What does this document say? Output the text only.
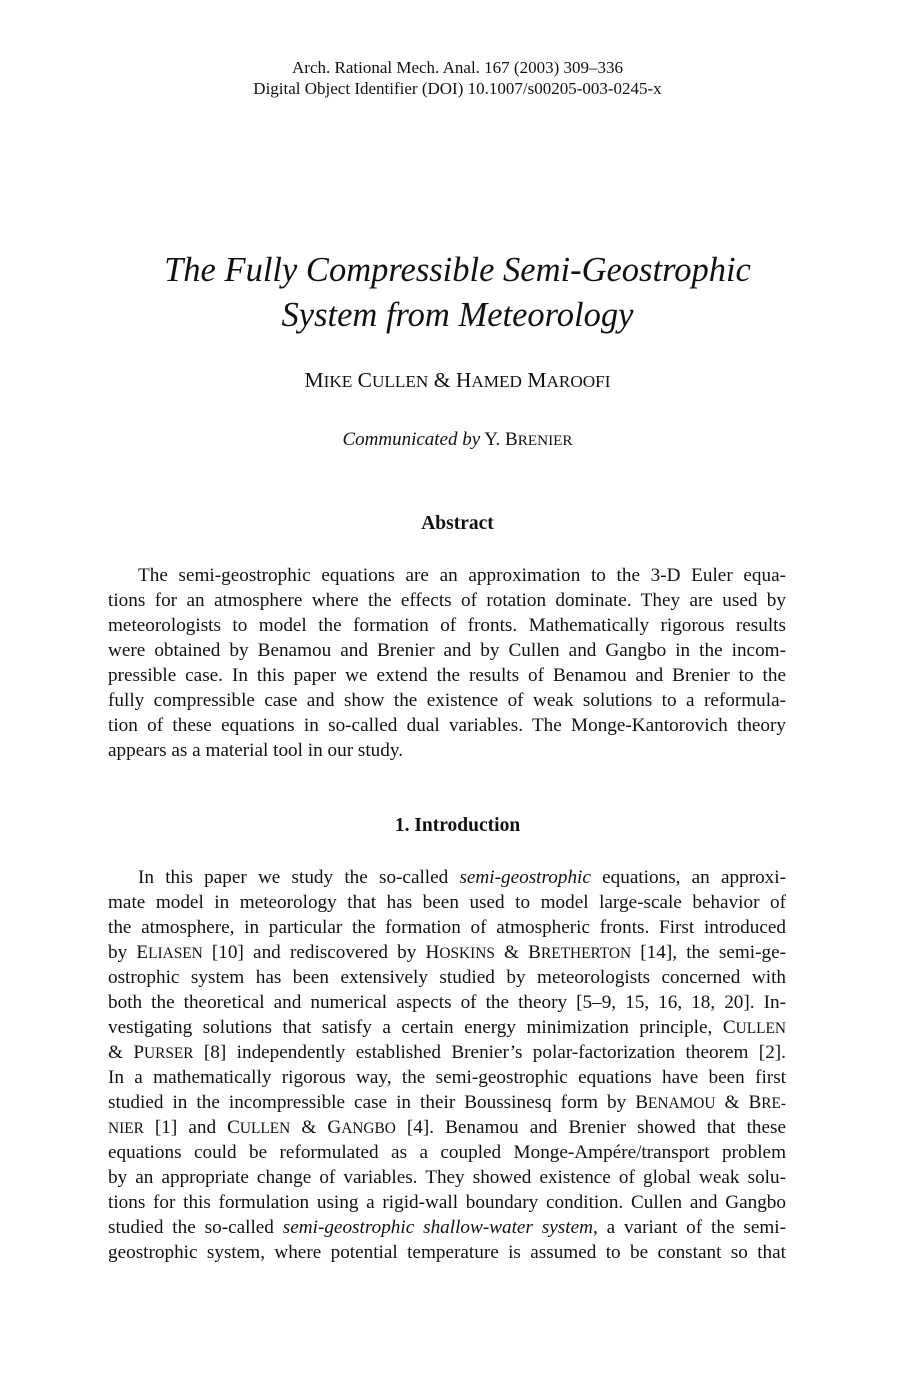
Arch. Rational Mech. Anal. 167 (2003) 309–336
Digital Object Identifier (DOI) 10.1007/s00205-003-0245-x
The Fully Compressible Semi-Geostrophic
System from Meteorology
MIKE CULLEN & HAMED MAROOFI
Communicated by Y. BRENIER
Abstract
The semi-geostrophic equations are an approximation to the 3-D Euler equa-
tions for an atmosphere where the effects of rotation dominate. They are used by
meteorologists to model the formation of fronts. Mathematically rigorous results
were obtained by Benamou and Brenier and by Cullen and Gangbo in the incom-
pressible case. In this paper we extend the results of Benamou and Brenier to the
fully compressible case and show the existence of weak solutions to a reformula-
tion of these equations in so-called dual variables. The Monge-Kantorovich theory
appears as a material tool in our study.
1. Introduction
In this paper we study the so-called semi-geostrophic equations, an approxi-
mate model in meteorology that has been used to model large-scale behavior of
the atmosphere, in particular the formation of atmospheric fronts. First introduced
by ELIASEN [10] and rediscovered by HOSKINS & BRETHERTON [14], the semi-ge-
ostrophic system has been extensively studied by meteorologists concerned with
both the theoretical and numerical aspects of the theory [5–9, 15, 16, 18, 20]. In-
vestigating solutions that satisfy a certain energy minimization principle, CULLEN
& PURSER [8] independently established Brenier’s polar-factorization theorem [2].
In a mathematically rigorous way, the semi-geostrophic equations have been first
studied in the incompressible case in their Boussinesq form by BENAMOU & BRE-
NIER [1] and CULLEN & GANGBO [4]. Benamou and Brenier showed that these
equations could be reformulated as a coupled Monge-Ampére/transport problem
by an appropriate change of variables. They showed existence of global weak solu-
tions for this formulation using a rigid-wall boundary condition. Cullen and Gangbo
studied the so-called semi-geostrophic shallow-water system, a variant of the semi-
geostrophic system, where potential temperature is assumed to be constant so that
